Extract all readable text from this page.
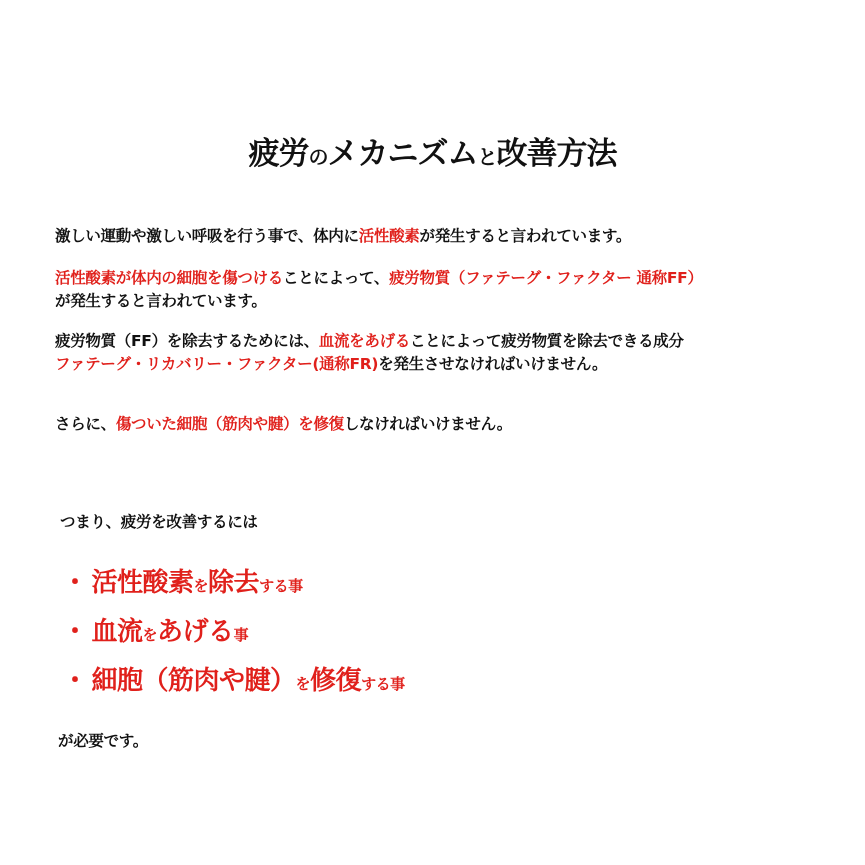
疲労のメカニズムと改善方法
激しい運動や激しい呼吸を行う事で、体内に活性酸素が発生すると言われています。
活性酸素が体内の細胞を傷つけることによって、疲労物質（ファテーグ・ファクター 通称FF）
が発生すると言われています。
疲労物質（FF）を除去するためには、血流をあげることによって疲労物質を除去できる成分
ファテーグ・リカバリー・ファクター(通称FR)を発生させなければいけません。
さらに、傷ついた細胞（筋肉や腱）を修復しなければいけません。
つまり、疲労を改善するには
・ 活性酸素を除去する事
・ 血流をあげる事
・ 細胞（筋肉や腱）を修復する事
が必要です。
